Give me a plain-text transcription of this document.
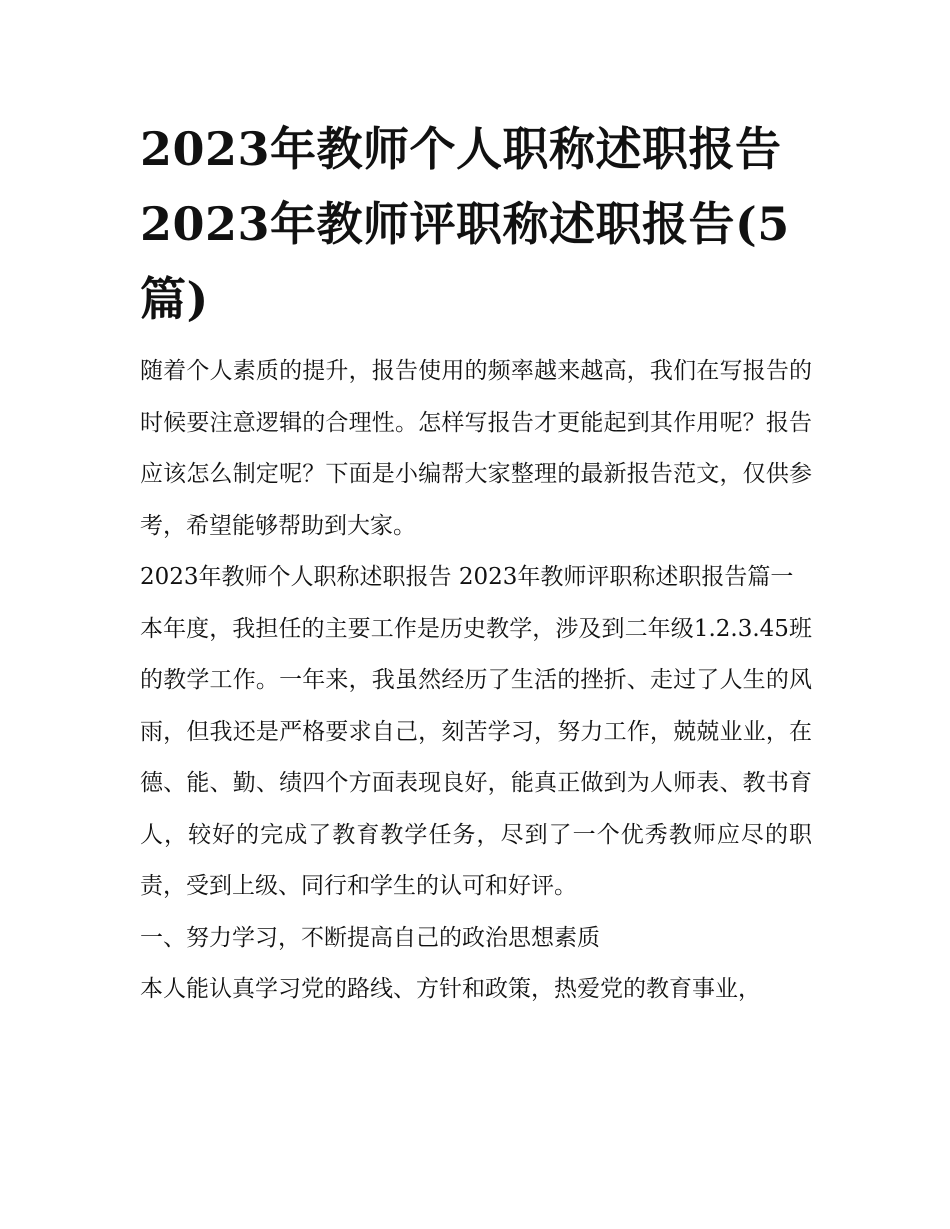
2023年教师个人职称述职报告 2023年教师评职称述职报告(5篇)

随着个人素质的提升，报告使用的频率越来越高，我们在写报告的时候要注意逻辑的合理性。怎样写报告才更能起到其作用呢？报告应该怎么制定呢？下面是小编帮大家整理的最新报告范文，仅供参考，希望能够帮助到大家。

2023年教师个人职称述职报告 2023年教师评职称述职报告篇一

本年度，我担任的主要工作是历史教学，涉及到二年级1.2.3.45班的教学工作。一年来，我虽然经历了生活的挫折、走过了人生的风雨，但我还是严格要求自己，刻苦学习，努力工作，兢兢业业，在德、能、勤、绩四个方面表现良好，能真正做到为人师表、教书育人，较好的完成了教育教学任务，尽到了一个优秀教师应尽的职责，受到上级、同行和学生的认可和好评。

一、努力学习，不断提高自己的政治思想素质

本人能认真学习党的路线、方针和政策，热爱党的教育事业，
